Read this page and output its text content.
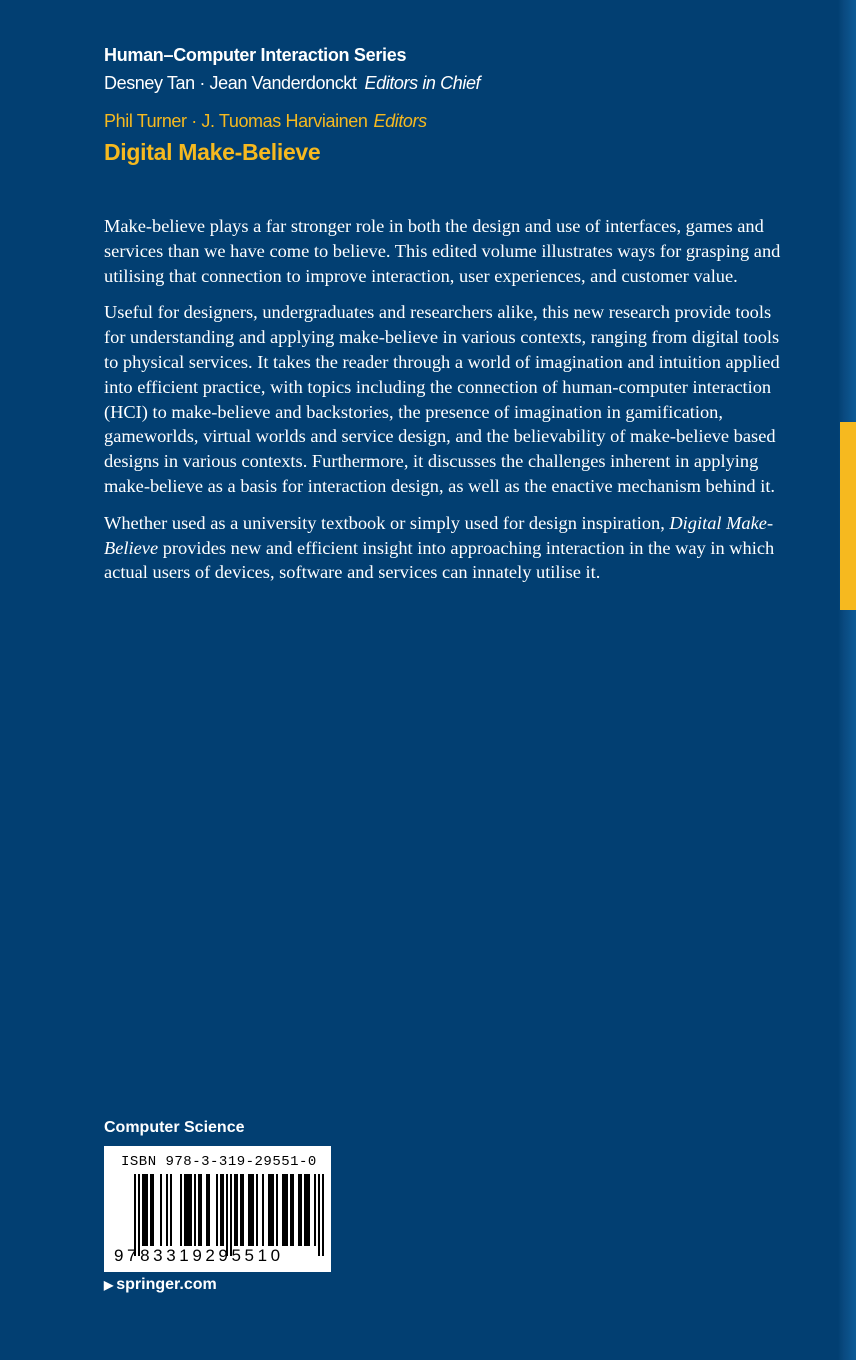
Human–Computer Interaction Series
Desney Tan · Jean Vanderdonckt Editors in Chief
Phil Turner · J. Tuomas Harviainen Editors
Digital Make-Believe

Make-believe plays a far stronger role in both the design and use of interfaces, games and services than we have come to believe. This edited volume illustrates ways for grasping and utilising that connection to improve interaction, user experiences, and customer value.

Useful for designers, undergraduates and researchers alike, this new research provide tools for understanding and applying make-believe in various contexts, ranging from digital tools to physical services. It takes the reader through a world of imagination and intuition applied into efficient practice, with topics including the connection of human-computer interaction (HCI) to make-believe and backstories, the presence of imagination in gamification, gameworlds, virtual worlds and service design, and the believability of make-believe based designs in various contexts. Furthermore, it discusses the challenges inherent in applying make-believe as a basis for interaction design, as well as the enactive mechanism behind it.

Whether used as a university textbook or simply used for design inspiration, Digital Make-Believe provides new and efficient insight into approaching interaction in the way in which actual users of devices, software and services can innately utilise it.

Computer Science
ISBN 978-3-319-29551-0
9783319295510
▶ springer.com
